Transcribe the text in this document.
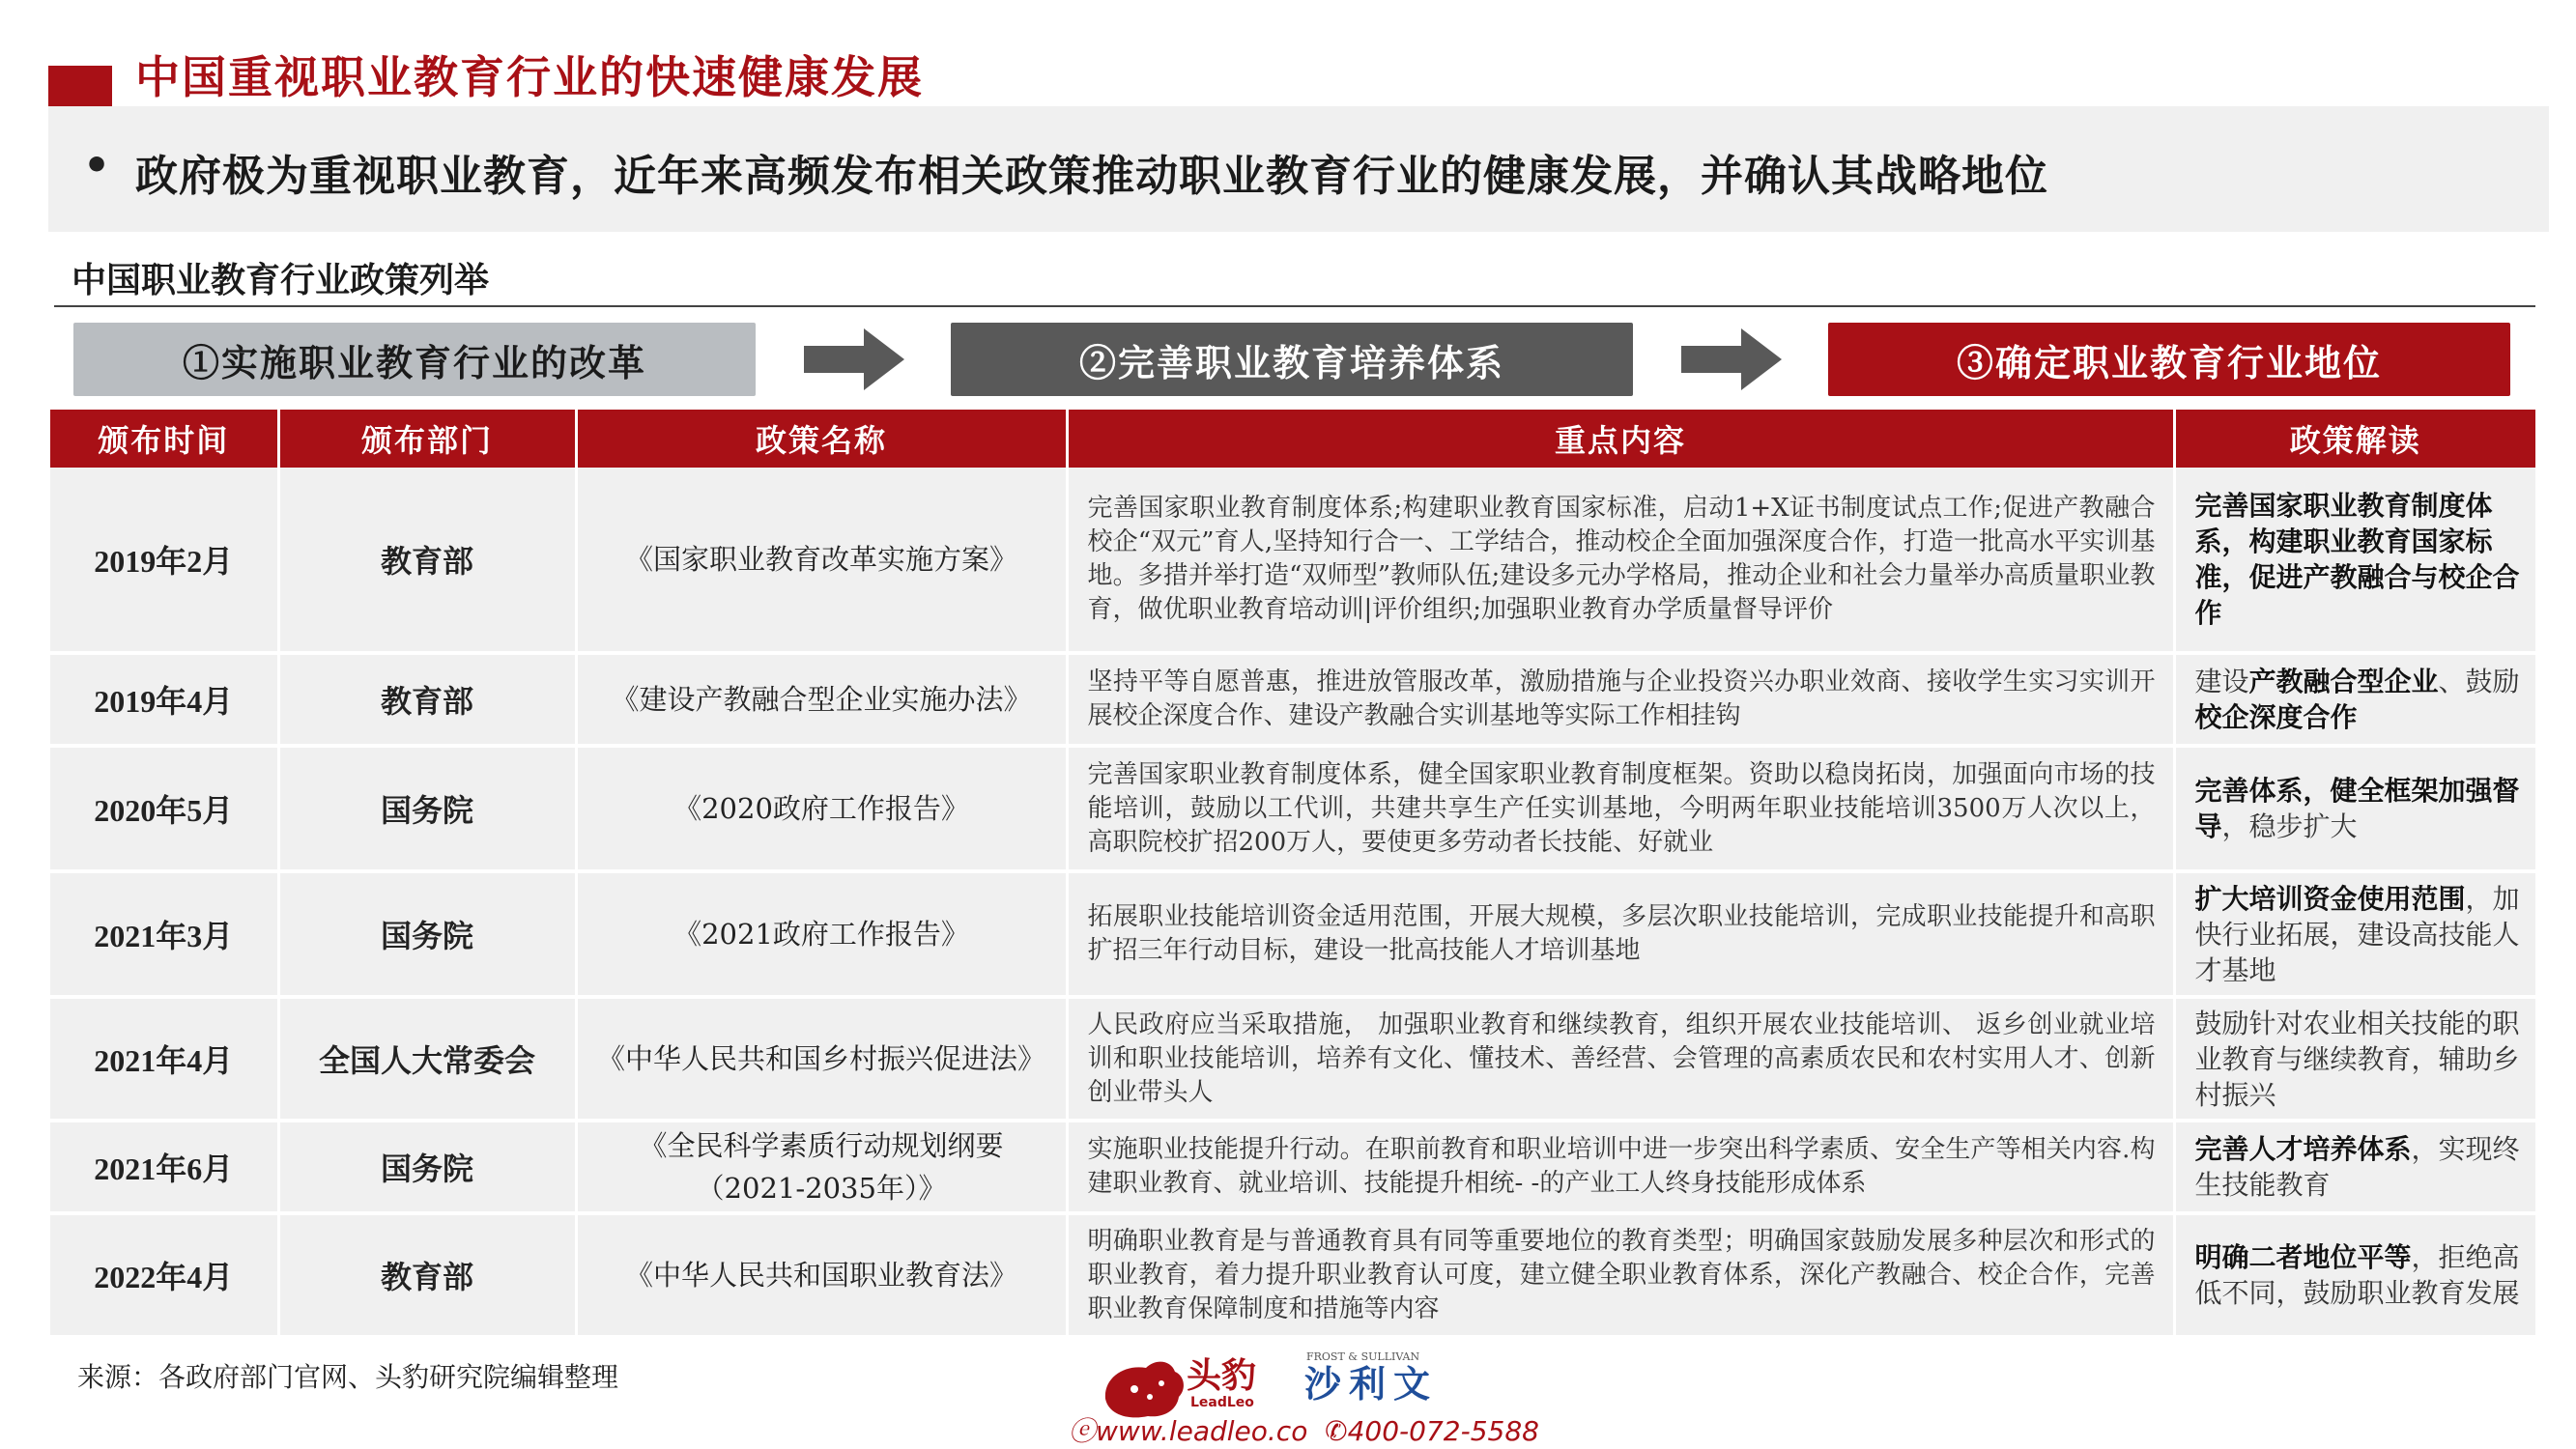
中国重视职业教育行业的快速健康发展
• 政府极为重视职业教育，近年来高频发布相关政策推动职业教育行业的健康发展，并确认其战略地位
中国职业教育行业政策列举
①实施职业教育行业的改革	②完善职业教育培养体系	③确定职业教育行业地位
颁布时间	颁布部门	政策名称	重点内容	政策解读
2019年2月	教育部	《国家职业教育改革实施方案》	完善国家职业教育制度体系;构建职业教育国家标准，启动1+X证书制度试点工作;促进产教融合校企“双元”育人,坚持知行合一、工学结合，推动校企全面加强深度合作，打造一批高水平实训基地。多措并举打造“双师型”教师队伍;建设多元办学格局，推动企业和社会力量举办高质量职业教育，做优职业教育培动训|评价组织;加强职业教育办学质量督导评价	完善国家职业教育制度体系，构建职业教育国家标准，促进产教融合与校企合作
2019年4月	教育部	《建设产教融合型企业实施办法》	坚持平等自愿普惠，推进放管服改革，激励措施与企业投资兴办职业效商、接收学生实习实训开展校企深度合作、建设产教融合实训基地等实际工作相挂钩	建设产教融合型企业、鼓励校企深度合作
2020年5月	国务院	《2020政府工作报告》	完善国家职业教育制度体系，健全国家职业教育制度框架。资助以稳岗拓岗，加强面向市场的技能培训，鼓励以工代训，共建共享生产任实训基地，今明两年职业技能培训3500万人次以上，高职院校扩招200万人，要使更多劳动者长技能、好就业	完善体系，健全框架加强督导，稳步扩大
2021年3月	国务院	《2021政府工作报告》	拓展职业技能培训资金适用范围，开展大规模，多层次职业技能培训，完成职业技能提升和高职扩招三年行动目标，建设一批高技能人才培训基地	扩大培训资金使用范围，加快行业拓展，建设高技能人才基地
2021年4月	全国人大常委会	《中华人民共和国乡村振兴促进法》	人民政府应当采取措施， 加强职业教育和继续教育，组织开展农业技能培训、 返乡创业就业培训和职业技能培训，培养有文化、懂技术、善经营、会管理的高素质农民和农村实用人才、创新创业带头人	鼓励针对农业相关技能的职业教育与继续教育，辅助乡村振兴
2021年6月	国务院	《全民科学素质行动规划纲要（2021-2035年）》	实施职业技能提升行动。在职前教育和职业培训中进一步突出科学素质、安全生产等相关内容.构建职业教育、就业培训、技能提升相统- -的产业工人终身技能形成体系	完善人才培养体系，实现终生技能教育
2022年4月	教育部	《中华人民共和国职业教育法》	明确职业教育是与普通教育具有同等重要地位的教育类型；明确国家鼓励发展多种层次和形式的职业教育，着力提升职业教育认可度，建立健全职业教育体系，深化产教融合、校企合作，完善职业教育保障制度和措施等内容	明确二者地位平等，拒绝高低不同，鼓励职业教育发展
来源：各政府部门官网、头豹研究院编辑整理	头豹
LeadLeo
FROST & SULLIVAN
沙利文
ⓔwww.leadleo.co ✆400-072-5588
